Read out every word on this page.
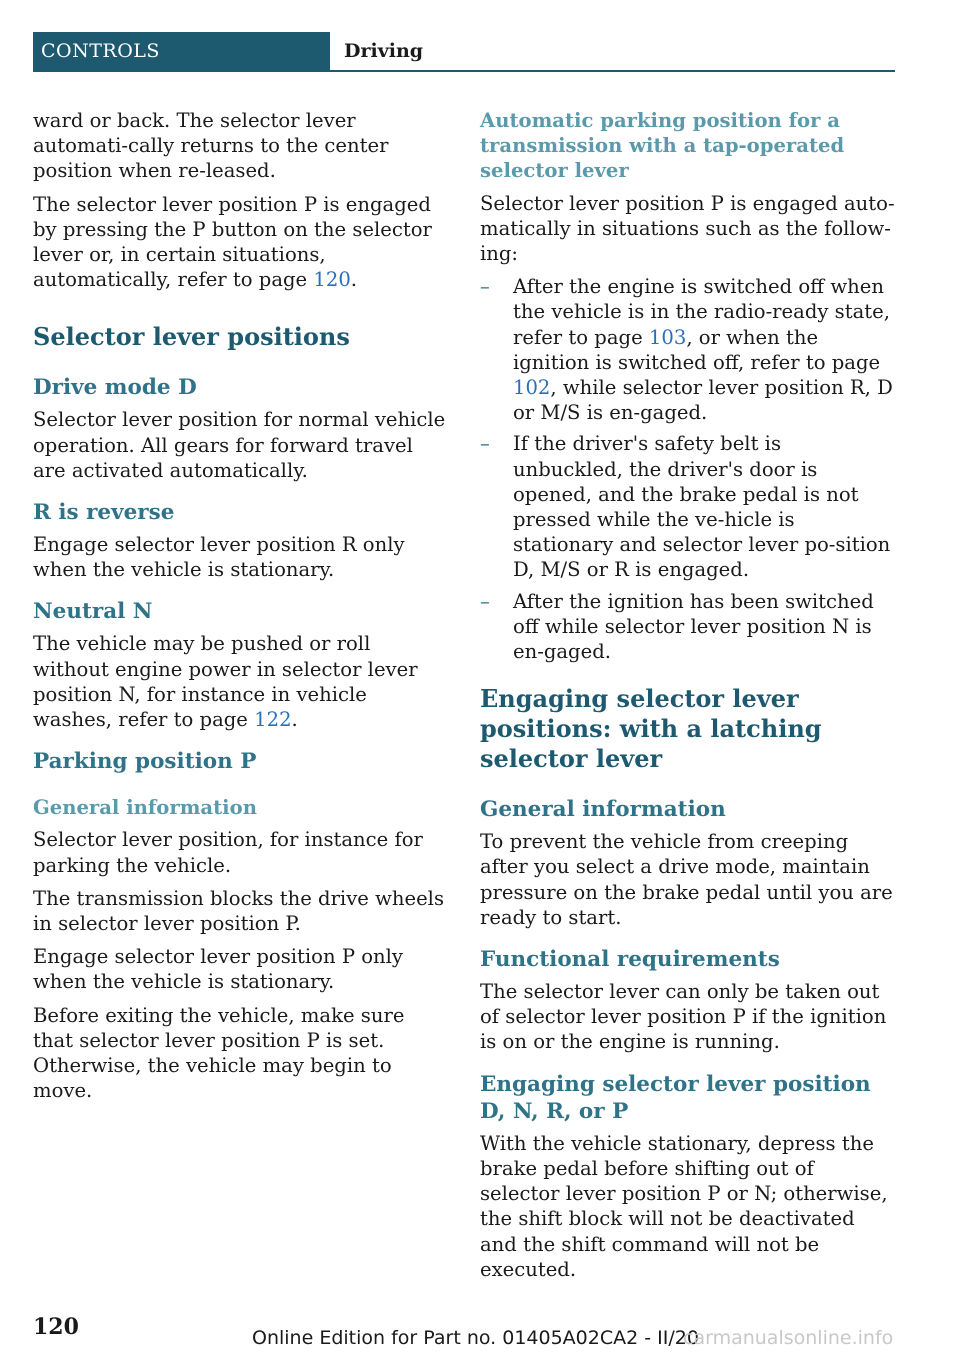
CONTROLS	Driving

ward or back. The selector lever automati-cally returns to the center position when re-leased.

The selector lever position P is engaged by pressing the P button on the selector lever or, in certain situations, automatically, refer to page 120.

Selector lever positions
Drive mode D

Selector lever position for normal vehicle operation. All gears for forward travel are activated automatically.

R is reverse

Engage selector lever position R only when the vehicle is stationary.

Neutral N

The vehicle may be pushed or roll without engine power in selector lever position N, for instance in vehicle washes, refer to page 122.

Parking position P
General information

Selector lever position, for instance for parking the vehicle.

The transmission blocks the drive wheels in selector lever position P.

Engage selector lever position P only when the vehicle is stationary.

Before exiting the vehicle, make sure that selector lever position P is set. Otherwise, the vehicle may begin to move.

Automatic parking position for a transmission with a tap-operated selector lever

Selector lever position P is engaged auto-matically in situations such as the follow-ing:

– After the engine is switched off when the vehicle is in the radio-ready state, refer to page 103, or when the ignition is switched off, refer to page 102, while selector lever position R, D or M/S is en-gaged.
– If the driver's safety belt is unbuckled, the driver's door is opened, and the brake pedal is not pressed while the ve-hicle is stationary and selector lever po-sition D, M/S or R is engaged.
– After the ignition has been switched off while selector lever position N is en-gaged.
Engaging selector lever positions: with a latching selector lever
General information

To prevent the vehicle from creeping after you select a drive mode, maintain pressure on the brake pedal until you are ready to start.

Functional requirements

The selector lever can only be taken out of selector lever position P if the ignition is on or the engine is running.

Engaging selector lever position D, N, R, or P

With the vehicle stationary, depress the brake pedal before shifting out of selector lever position P or N; otherwise, the shift block will not be deactivated and the shift command will not be executed.

120	Online Edition for Part no. 01405A02CA2 - II/20
carmanualsonline.info
